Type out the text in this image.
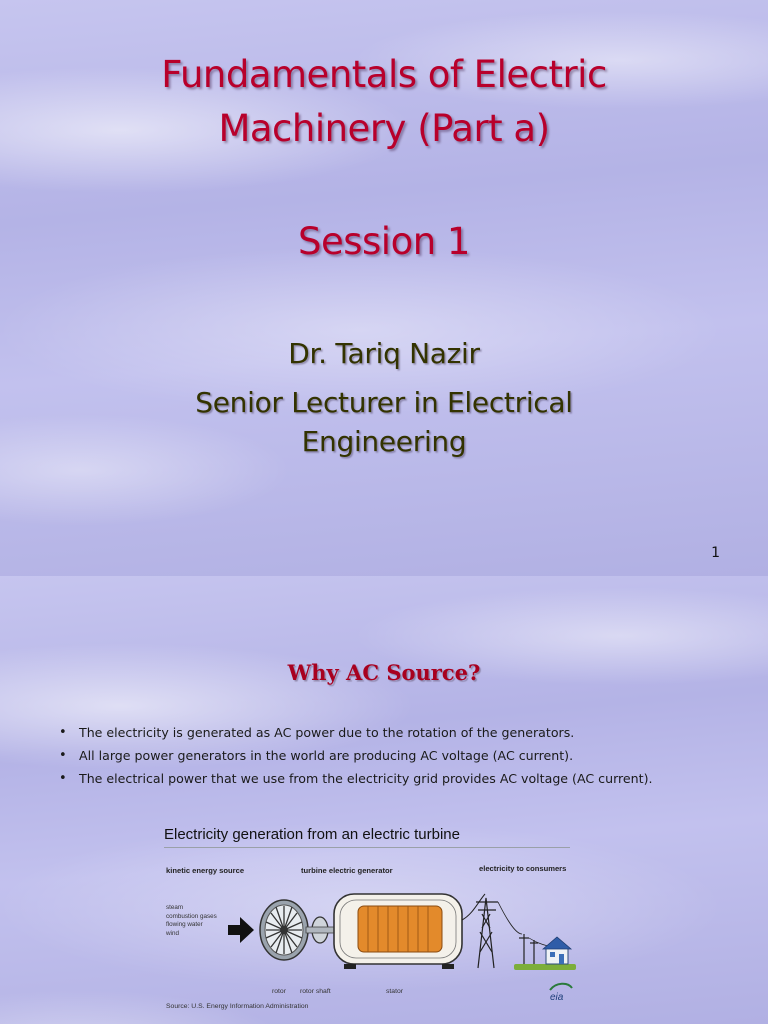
Fundamentals of Electric
Machinery (Part a)
Session 1
Dr. Tariq Nazir
Senior Lecturer in Electrical
Engineering
1
Why AC Source?
• The electricity is generated as AC power due to the rotation of the generators.
• All large power generators in the world are producing AC voltage (AC current).
• The electrical power that we use from the electricity grid provides AC voltage (AC current).
eia
Electricity generation from an electric turbine
kinetic energy source	turbine electric generator	electricity to consumers
steam
combustion gases
flowing water
wind
rotor rotor shaft	stator
Source: U.S. Energy Information Administration
